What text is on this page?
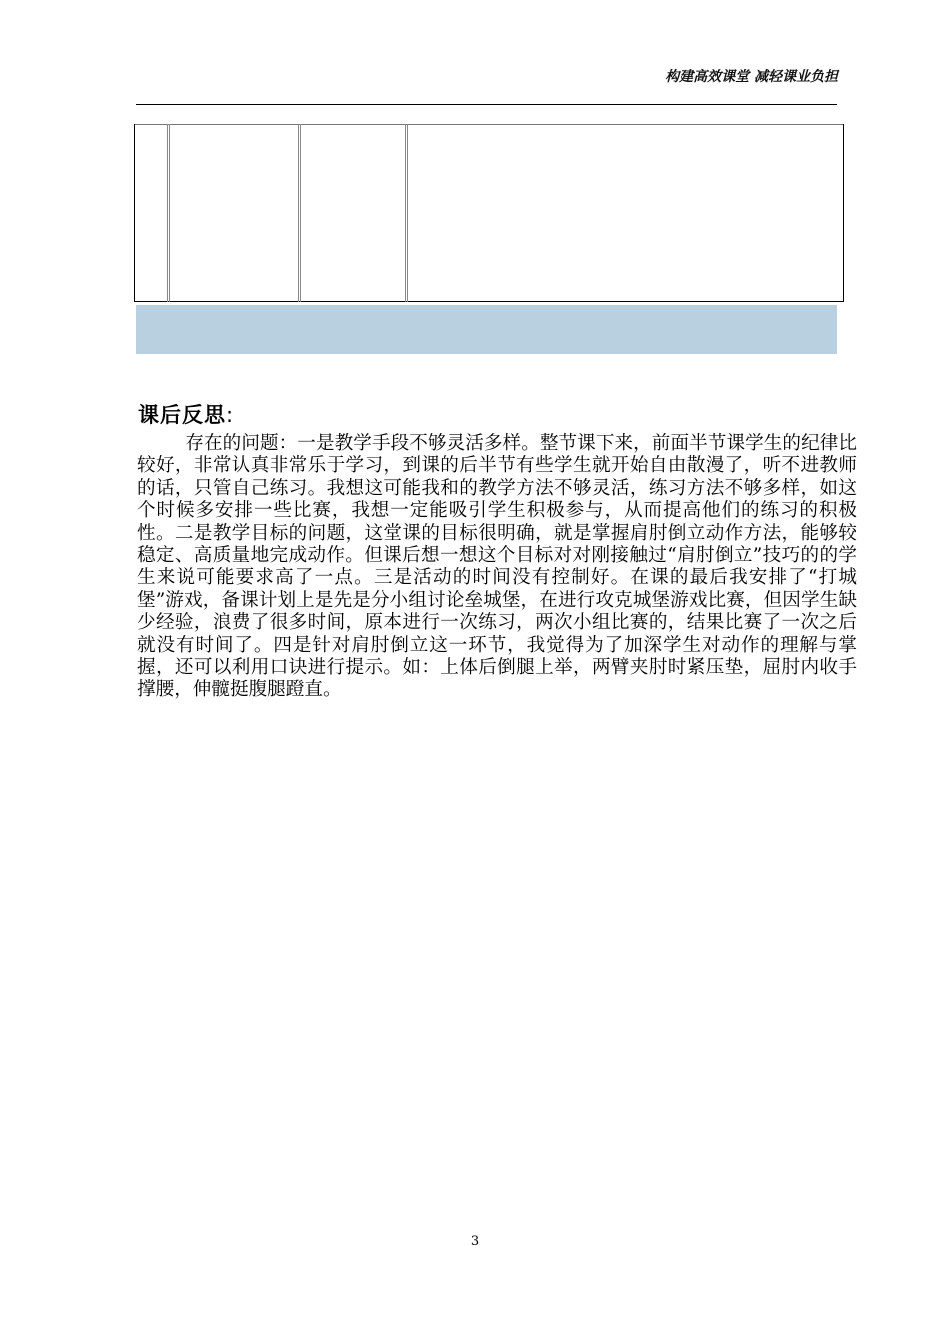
构建高效课堂 减轻课业负担
课后反思:

存在的问题：一是教学手段不够灵活多样。整节课下来，前面半节课学生的纪律比较好，非常认真非常乐于学习，到课的后半节有些学生就开始自由散漫了，听不进教师的话，只管自己练习。我想这可能我和的教学方法不够灵活，练习方法不够多样，如这个时候多安排一些比赛，我想一定能吸引学生积极参与，从而提高他们的练习的积极性。二是教学目标的问题，这堂课的目标很明确，就是掌握肩肘倒立动作方法，能够较稳定、高质量地完成动作。但课后想一想这个目标对对刚接触过“肩肘倒立”技巧的的学生来说可能要求高了一点。三是活动的时间没有控制好。在课的最后我安排了“打城堡”游戏，备课计划上是先是分小组讨论垒城堡，在进行攻克城堡游戏比赛，但因学生缺少经验，浪费了很多时间，原本进行一次练习，两次小组比赛的，结果比赛了一次之后就没有时间了。四是针对肩肘倒立这一环节，我觉得为了加深学生对动作的理解与掌握，还可以利用口诀进行提示。如：上体后倒腿上举，两臂夹肘时紧压垫，屈肘内收手撑腰，伸髋挺腹腿蹬直。

3
